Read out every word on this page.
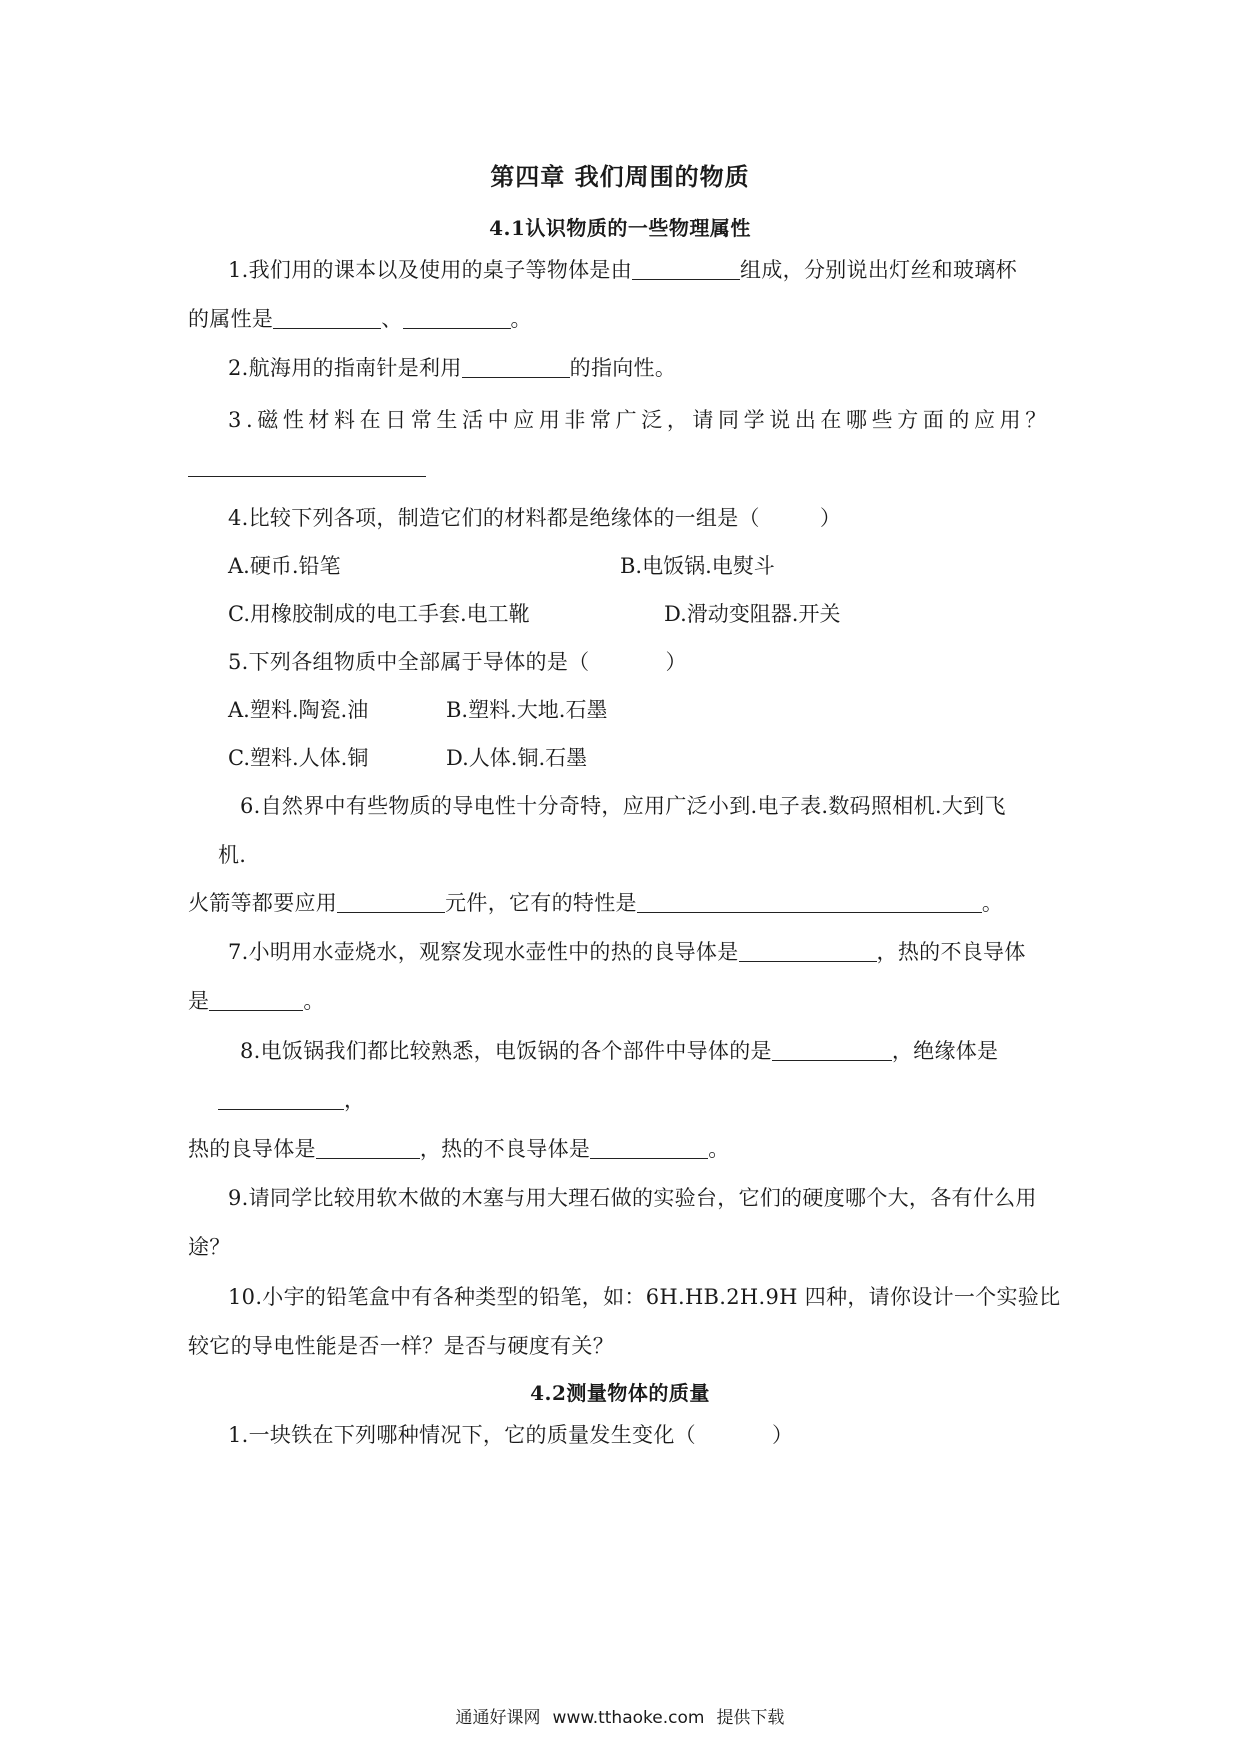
第四章 我们周围的物质
4.1认识物质的一些物理属性
1.我们用的课本以及使用的桌子等物体是由	组成，分别说出灯丝和玻璃杯
的属性是	、	。
2.航海用的指南针是利用	的指向性。
3.磁性材料在日常生活中应用非常广泛，请同学说出在哪些方面的应用？
4.比较下列各项，制造它们的材料都是绝缘体的一组是（	）
A.硬币.铅笔	B.电饭锅.电熨斗
C.用橡胶制成的电工手套.电工靴	D.滑动变阻器.开关
5.下列各组物质中全部属于导体的是（	）
A.塑料.陶瓷.油	B.塑料.大地.石墨
C.塑料.人体.铜	D.人体.铜.石墨
6.自然界中有些物质的导电性十分奇特，应用广泛小到.电子表.数码照相机.大到飞
机.
火箭等都要应用	元件，它有的特性是	。
7.小明用水壶烧水，观察发现水壶性中的热的良导体是	，热的不良导体
是	。
8.电饭锅我们都比较熟悉，电饭锅的各个部件中导体的是	，绝缘体是
，
热的良导体是	，热的不良导体是	。
9.请同学比较用软木做的木塞与用大理石做的实验台，它们的硬度哪个大，各有什么用
途？
10.小宇的铅笔盒中有各种类型的铅笔，如：6H.HB.2H.9H 四种，请你设计一个实验比
较它的导电性能是否一样？是否与硬度有关？
4.2测量物体的质量
1.一块铁在下列哪种情况下，它的质量发生变化（	）
通通好课网 www.tthaoke.com 提供下载
